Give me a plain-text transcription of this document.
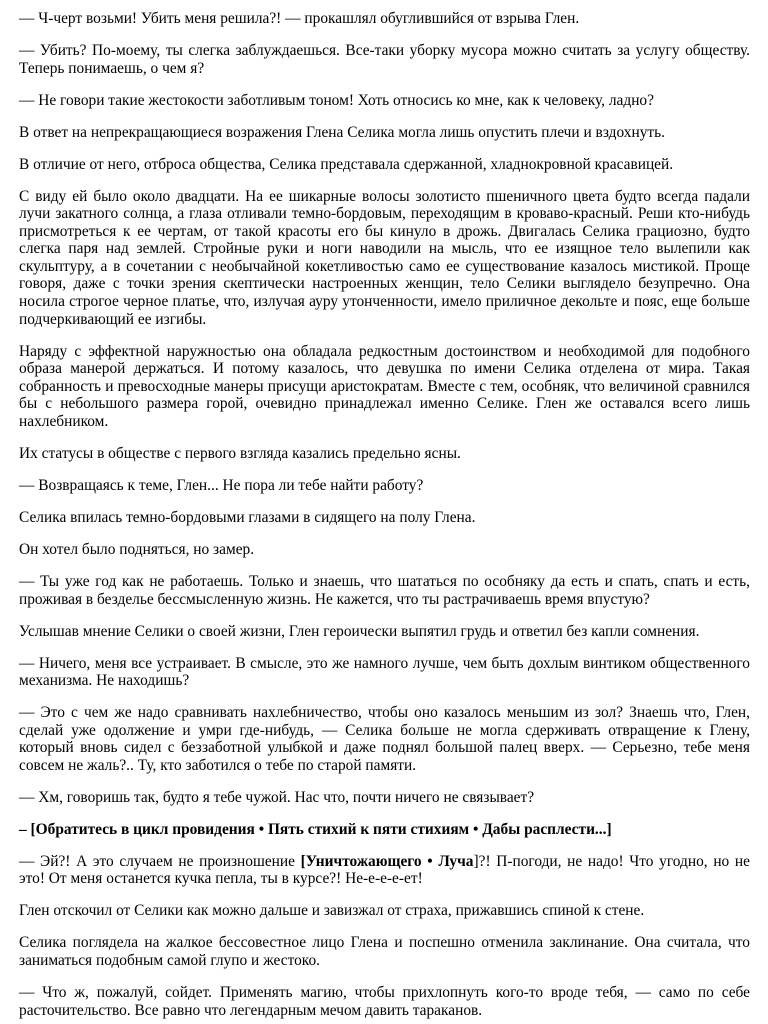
— Ч-черт возьми! Убить меня решила?! — прокашлял обуглившийся от взрыва Глен.

— Убить? По-моему, ты слегка заблуждаешься. Все-таки уборку мусора можно считать за услугу обществу. Теперь понимаешь, о чем я?

— Не говори такие жестокости заботливым тоном! Хоть относись ко мне, как к человеку, ладно?

В ответ на непрекращающиеся возражения Глена Селика могла лишь опустить плечи и вздохнуть.

В отличие от него, отброса общества, Селика представала сдержанной, хладнокровной красавицей.

С виду ей было около двадцати. На ее шикарные волосы золотисто пшеничного цвета будто всегда падали лучи закатного солнца, а глаза отливали темно-бордовым, переходящим в кроваво-красный. Реши кто-нибудь присмотреться к ее чертам, от такой красоты его бы кинуло в дрожь. Двигалась Селика грациозно, будто слегка паря над землей. Стройные руки и ноги наводили на мысль, что ее изящное тело вылепили как скульптуру, а в сочетании с необычайной кокетливостью само ее существование казалось мистикой. Проще говоря, даже с точки зрения скептически настроенных женщин, тело Селики выглядело безупречно. Она носила строгое черное платье, что, излучая ауру утонченности, имело приличное декольте и пояс, еще больше подчеркивающий ее изгибы.

Наряду с эффектной наружностью она обладала редкостным достоинством и необходимой для подобного образа манерой держаться. И потому казалось, что девушка по имени Селика отделена от мира. Такая собранность и превосходные манеры присущи аристократам. Вместе с тем, особняк, что величиной сравнился бы с небольшого размера горой, очевидно принадлежал именно Селике. Глен же оставался всего лишь нахлебником.

Их статусы в обществе с первого взгляда казались предельно ясны.

— Возвращаясь к теме, Глен... Не пора ли тебе найти работу?

Селика впилась темно-бордовыми глазами в сидящего на полу Глена.

Он хотел было подняться, но замер.

— Ты уже год как не работаешь. Только и знаешь, что шататься по особняку да есть и спать, спать и есть, проживая в безделье бессмысленную жизнь. Не кажется, что ты растрачиваешь время впустую?

Услышав мнение Селики о своей жизни, Глен героически выпятил грудь и ответил без капли сомнения.

— Ничего, меня все устраивает. В смысле, это же намного лучше, чем быть дохлым винтиком общественного механизма. Не находишь?

— Это с чем же надо сравнивать нахлебничество, чтобы оно казалось меньшим из зол? Знаешь что, Глен, сделай уже одолжение и умри где-нибудь, — Селика больше не могла сдерживать отвращение к Глену, который вновь сидел с беззаботной улыбкой и даже поднял большой палец вверх. — Серьезно, тебе меня совсем не жаль?.. Ту, кто заботился о тебе по старой памяти.

— Хм, говоришь так, будто я тебе чужой. Нас что, почти ничего не связывает?

– [Обратитесь в цикл провидения • Пять стихий к пяти стихиям • Дабы расплести...]

— Эй?! А это случаем не произношение [Уничтожающего • Луча]?! П-погоди, не надо! Что угодно, но не это! От меня останется кучка пепла, ты в курсе?! Не-е-е-е-ет!

Глен отскочил от Селики как можно дальше и завизжал от страха, прижавшись спиной к стене.

Селика поглядела на жалкое бессовестное лицо Глена и поспешно отменила заклинание. Она считала, что заниматься подобным самой глупо и жестоко.

— Что ж, пожалуй, сойдет. Применять магию, чтобы прихлопнуть кого-то вроде тебя, — само по себе расточительство. Все равно что легендарным мечом давить тараканов.
